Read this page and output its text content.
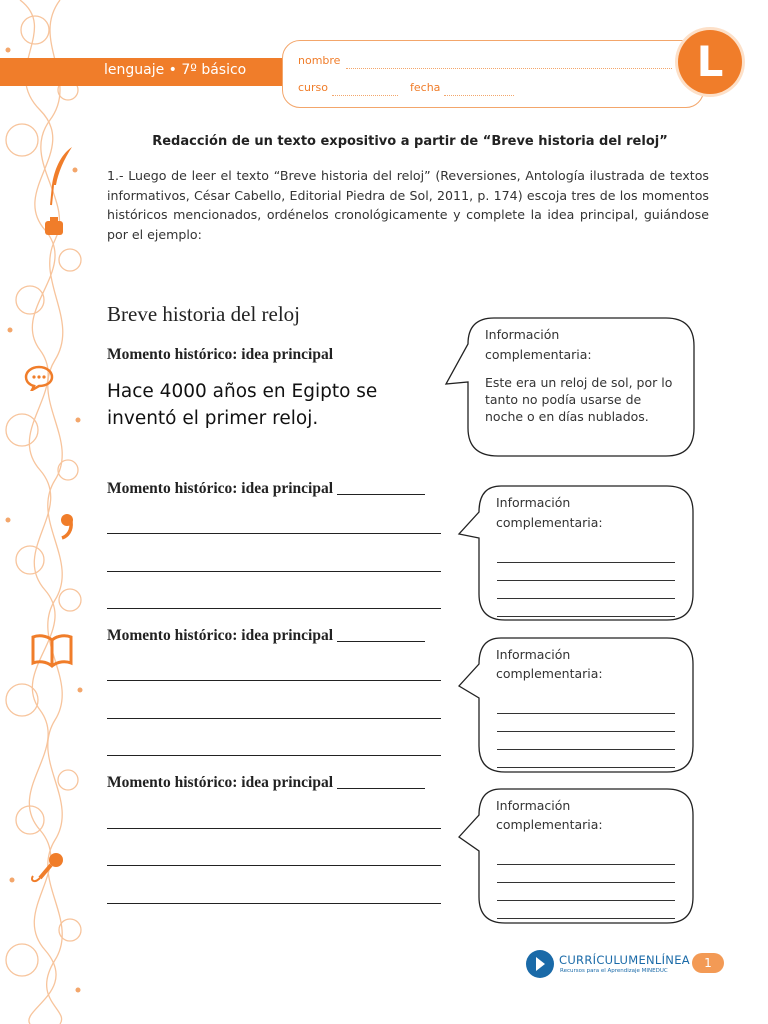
lenguaje • 7º básico
nombre
curso	fecha
L
Redacción de un texto expositivo a partir de “Breve historia del reloj”
1.- Luego de leer el texto “Breve historia del reloj” (Reversiones, Antología ilustrada de textos informativos, César Cabello, Editorial Piedra de Sol, 2011, p. 174) escoja tres de los momentos históricos mencionados, ordénelos cronológicamente y complete la idea principal, guiándose por el ejemplo:
Breve historia del reloj
Momento histórico: idea principal
Hace 4000 años en Egipto se
inventó el primer reloj.
Información
complementaria:
Este era un reloj de sol, por lo tanto no podía usarse de noche o en días nublados.
Momento histórico: idea principal
Información
complementaria:
Momento histórico: idea principal
Información
complementaria:
Momento histórico: idea principal
Información
complementaria:
CURRÍCULUMENLÍNEA
Recursos para el Aprendizaje MINEDUC
1
